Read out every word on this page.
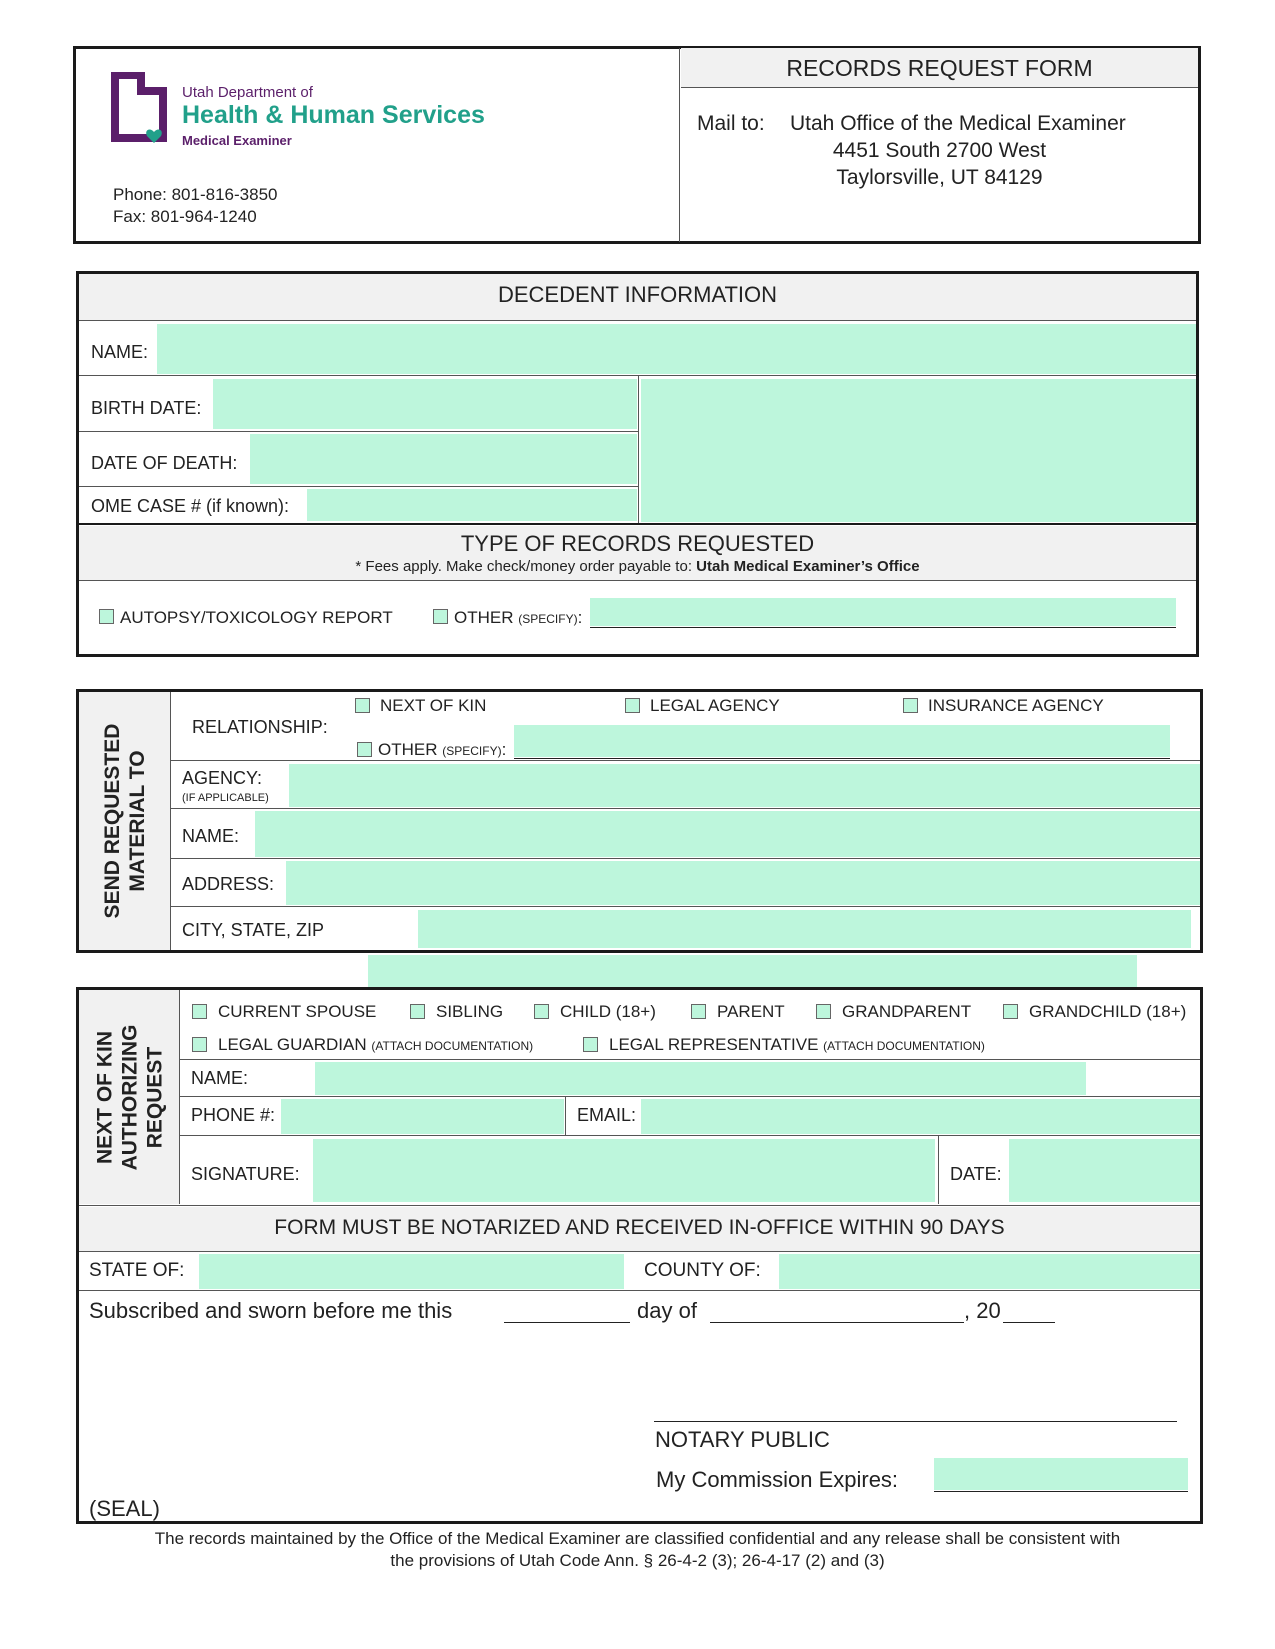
RECORDS REQUEST FORM
Utah Department of
Health & Human Services
Medical Examiner
Phone: 801-816-3850
Fax: 801-964-1240
Mail to: Utah Office of the Medical Examiner
4451 South 2700 West
Taylorsville, UT 84129
DECEDENT INFORMATION
NAME:
BIRTH DATE:
DATE OF DEATH:
OME CASE # (if known):
TYPE OF RECORDS REQUESTED
* Fees apply. Make check/money order payable to: Utah Medical Examiner’s Office
AUTOPSY/TOXICOLOGY REPORT	OTHER (SPECIFY):
SEND REQUESTED MATERIAL TO
RELATIONSHIP:
NEXT OF KIN	LEGAL AGENCY	INSURANCE AGENCY
OTHER (SPECIFY):
AGENCY:
(IF APPLICABLE)
NAME:
ADDRESS:
CITY, STATE, ZIP
NEXT OF KIN AUTHORIZING REQUEST
CURRENT SPOUSE	SIBLING	CHILD (18+)	PARENT	GRANDPARENT	GRANDCHILD (18+)
LEGAL GUARDIAN (ATTACH DOCUMENTATION)	LEGAL REPRESENTATIVE (ATTACH DOCUMENTATION)
NAME:
PHONE #:	EMAIL:
SIGNATURE:	DATE:
FORM MUST BE NOTARIZED AND RECEIVED IN-OFFICE WITHIN 90 DAYS
STATE OF:	COUNTY OF:
Subscribed and sworn before me this	day of	, 20
NOTARY PUBLIC
My Commission Expires:
(SEAL)
The records maintained by the Office of the Medical Examiner are classified confidential and any release shall be consistent with
the provisions of Utah Code Ann. § 26-4-2 (3); 26-4-17 (2) and (3)
